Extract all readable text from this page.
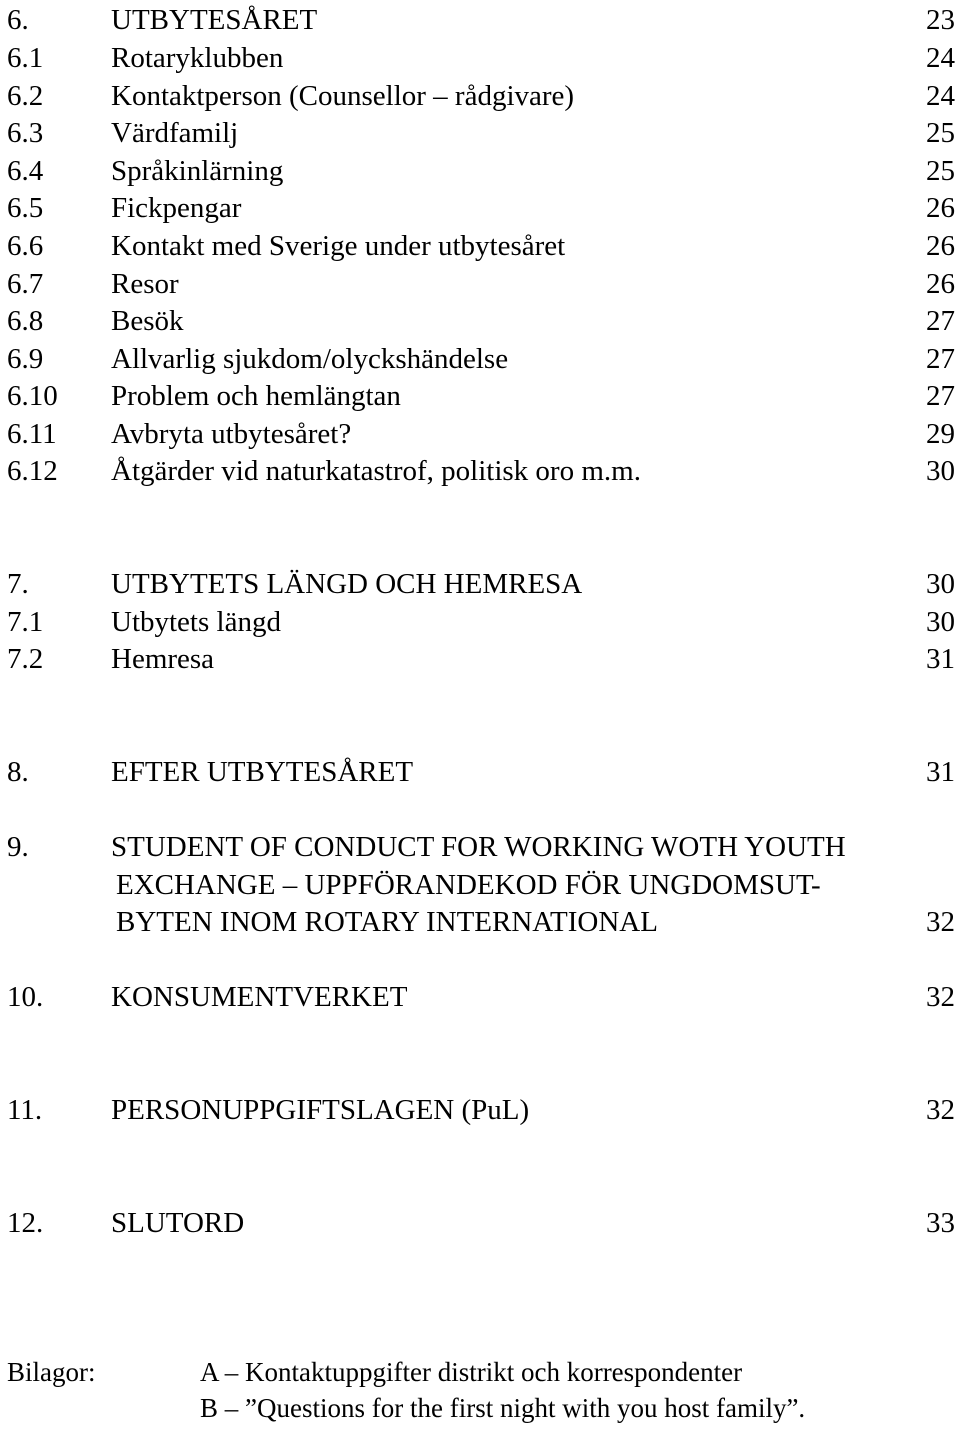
6.	UTBYTESÅRET	23
6.1 Rotaryklubben	24
6.2 Kontaktperson (Counsellor – rådgivare)	24
6.3 Värdfamilj	25
6.4 Språkinlärning	25
6.5 Fickpengar	26
6.6 Kontakt med Sverige under utbytesåret	26
6.7 Resor	26
6.8 Besök	27
6.9 Allvarlig sjukdom/olyckshändelse	27
6.10 Problem och hemlängtan	27
6.11 Avbryta utbytesåret?	29
6.12 Åtgärder vid naturkatastrof, politisk oro m.m.	30
7.	UTBYTETS LÄNGD OCH HEMRESA	30
7.1 Utbytets längd	30
7.2 Hemresa	31
8.	EFTER UTBYTESÅRET	31
9.	STUDENT OF CONDUCT FOR WORKING WOTH YOUTH
EXCHANGE – UPPFÖRANDEKOD FÖR UNGDOMSUT-
BYTEN INOM ROTARY INTERNATIONAL	32
10. KONSUMENTVERKET	32
11. PERSONUPPGIFTSLAGEN (PuL)	32
12. SLUTORD	33
Bilagor:	A – Kontaktuppgifter distrikt och korrespondenter
B – ”Questions for the first night with you host family”.
